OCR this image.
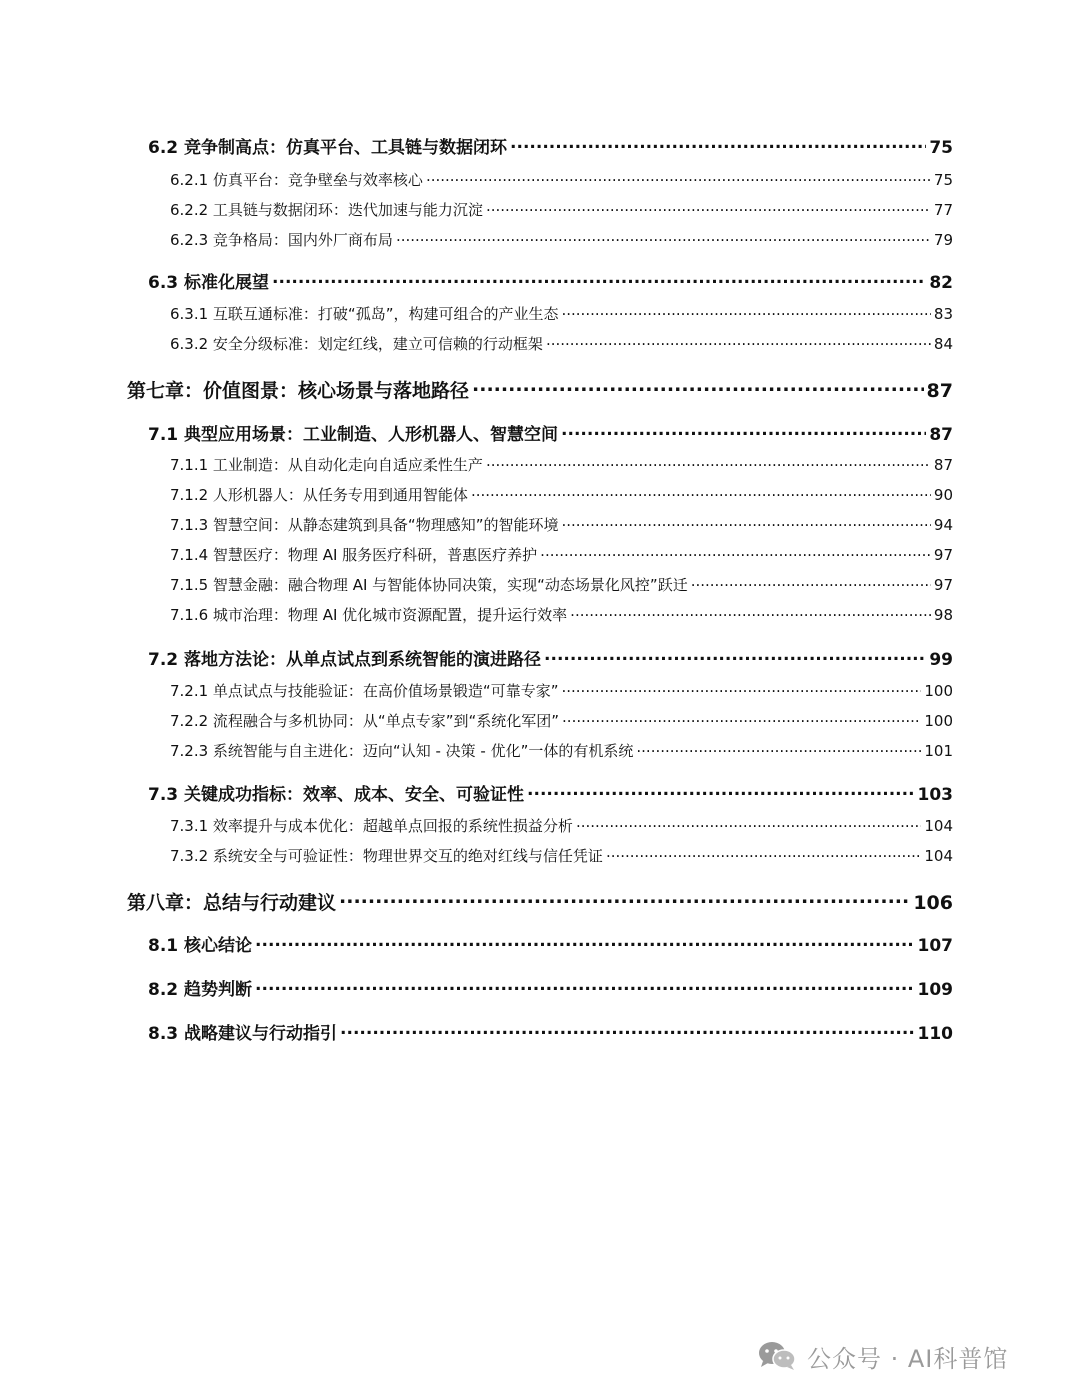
6.2 竞争制高点：仿真平台、工具链与数据闭环 .....	75
6.2.1 仿真平台：竞争壁垒与效率核心 .....	75
6.2.2 工具链与数据闭环：迭代加速与能力沉淀 .....	77
6.2.3 竞争格局：国内外厂商布局 .....	79
6.3 标准化展望 .....	82
6.3.1 互联互通标准：打破“孤岛”，构建可组合的产业生态 .....	83
6.3.2 安全分级标准：划定红线，建立可信赖的行动框架 .....	84
第七章：价值图景：核心场景与落地路径 .....	87
7.1 典型应用场景：工业制造、人形机器人、智慧空间 .....	87
7.1.1 工业制造：从自动化走向自适应柔性生产 .....	87
7.1.2 人形机器人：从任务专用到通用智能体 .....	90
7.1.3 智慧空间：从静态建筑到具备“物理感知”的智能环境 .....	94
7.1.4 智慧医疗：物理 AI 服务医疗科研，普惠医疗养护 .....	97
7.1.5 智慧金融：融合物理 AI 与智能体协同决策，实现“动态场景化风控”跃迁 .....	97
7.1.6 城市治理：物理 AI 优化城市资源配置，提升运行效率 .....	98
7.2 落地方法论：从单点试点到系统智能的演进路径 .....	99
7.2.1 单点试点与技能验证：在高价值场景锻造“可靠专家” .....	100
7.2.2 流程融合与多机协同：从“单点专家”到“系统化军团” .....	100
7.2.3 系统智能与自主进化：迈向“认知 - 决策 - 优化”一体的有机系统 .....	101
7.3 关键成功指标：效率、成本、安全、可验证性 .....	103
7.3.1 效率提升与成本优化：超越单点回报的系统性损益分析 .....	104
7.3.2 系统安全与可验证性：物理世界交互的绝对红线与信任凭证 .....	104
第八章：总结与行动建议 .....	106
8.1 核心结论 .....	107
8.2 趋势判断 .....	109
8.3 战略建议与行动指引 .....	110
公众号 · AI科普馆
